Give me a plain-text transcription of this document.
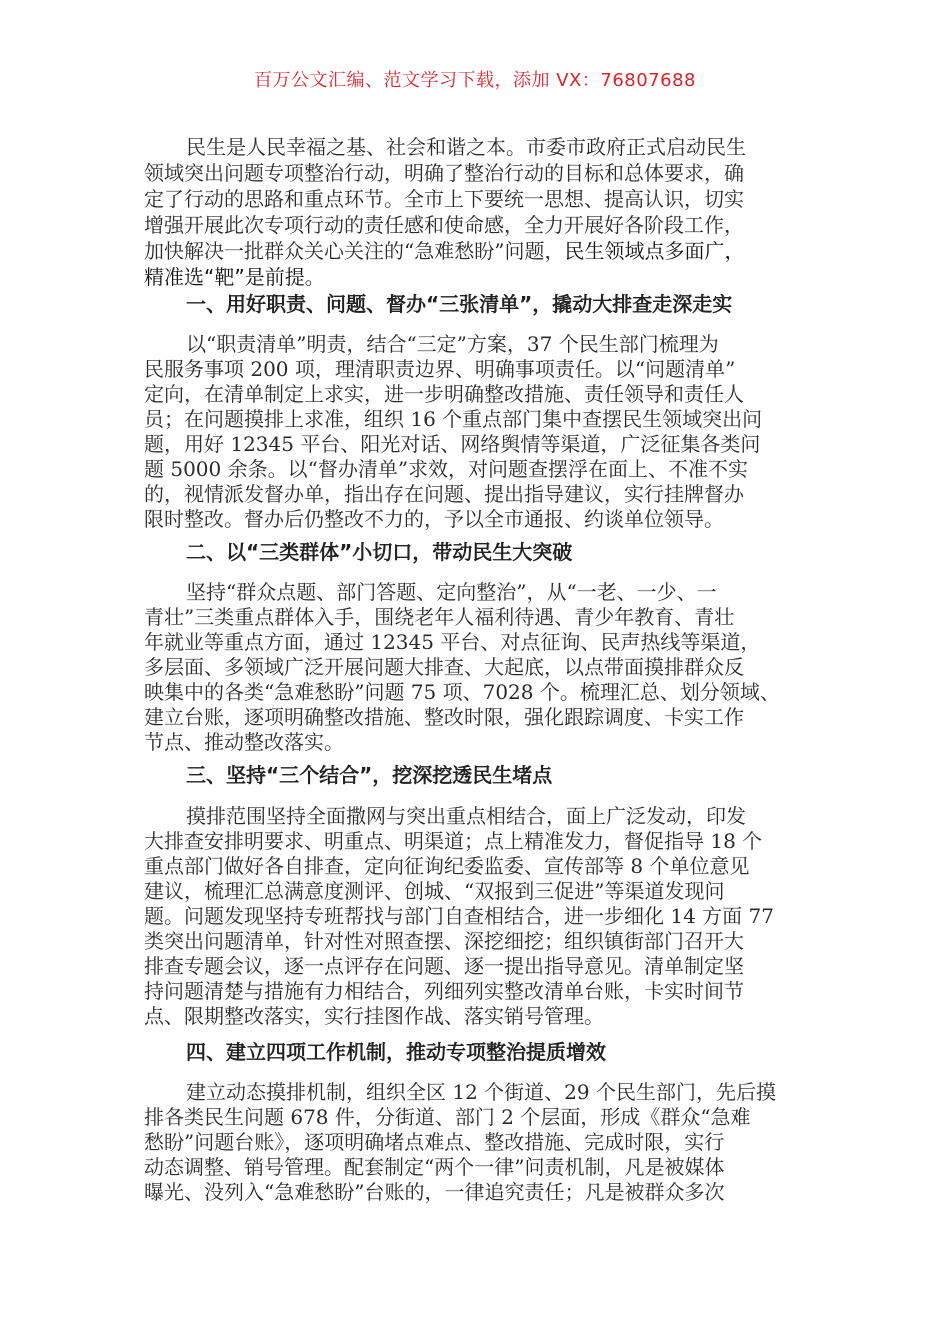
百万公文汇编、范文学习下载，添加 VX：76807688
民生是人民幸福之基、社会和谐之本。市委市政府正式启动民生
领域突出问题专项整治行动，明确了整治行动的目标和总体要求，确
定了行动的思路和重点环节。全市上下要统一思想、提高认识，切实
增强开展此次专项行动的责任感和使命感，全力开展好各阶段工作，
加快解决一批群众关心关注的“急难愁盼”问题，民生领域点多面广，
精准选“靶”是前提。
一、用好职责、问题、督办“三张清单”，撬动大排查走深走实
以“职责清单”明责，结合“三定”方案，37 个民生部门梳理为
民服务事项 200 项，理清职责边界、明确事项责任。以“问题清单”
定向，在清单制定上求实，进一步明确整改措施、责任领导和责任人
员；在问题摸排上求准，组织 16 个重点部门集中查摆民生领域突出问
题，用好 12345 平台、阳光对话、网络舆情等渠道，广泛征集各类问
题 5000 余条。以“督办清单”求效，对问题查摆浮在面上、不准不实
的，视情派发督办单，指出存在问题、提出指导建议，实行挂牌督办
限时整改。督办后仍整改不力的，予以全市通报、约谈单位领导。
二、以“三类群体”小切口，带动民生大突破
坚持“群众点题、部门答题、定向整治”，从“一老、一少、一
青壮”三类重点群体入手，围绕老年人福利待遇、青少年教育、青壮
年就业等重点方面，通过 12345 平台、对点征询、民声热线等渠道，
多层面、多领域广泛开展问题大排查、大起底，以点带面摸排群众反
映集中的各类“急难愁盼”问题 75 项、7028 个。梳理汇总、划分领域、
建立台账，逐项明确整改措施、整改时限，强化跟踪调度、卡实工作
节点、推动整改落实。
三、坚持“三个结合”，挖深挖透民生堵点
摸排范围坚持全面撒网与突出重点相结合，面上广泛发动，印发
大排查安排明要求、明重点、明渠道；点上精准发力，督促指导 18 个
重点部门做好各自排查，定向征询纪委监委、宣传部等 8 个单位意见
建议，梳理汇总满意度测评、创城、“双报到三促进”等渠道发现问
题。问题发现坚持专班帮找与部门自查相结合，进一步细化 14 方面 77
类突出问题清单，针对性对照查摆、深挖细挖；组织镇街部门召开大
排查专题会议，逐一点评存在问题、逐一提出指导意见。清单制定坚
持问题清楚与措施有力相结合，列细列实整改清单台账，卡实时间节
点、限期整改落实，实行挂图作战、落实销号管理。
四、建立四项工作机制，推动专项整治提质增效
建立动态摸排机制，组织全区 12 个街道、29 个民生部门，先后摸
排各类民生问题 678 件，分街道、部门 2 个层面，形成《群众“急难
愁盼”问题台账》，逐项明确堵点难点、整改措施、完成时限，实行
动态调整、销号管理。配套制定“两个一律”问责机制，凡是被媒体
曝光、没列入“急难愁盼”台账的，一律追究责任；凡是被群众多次
